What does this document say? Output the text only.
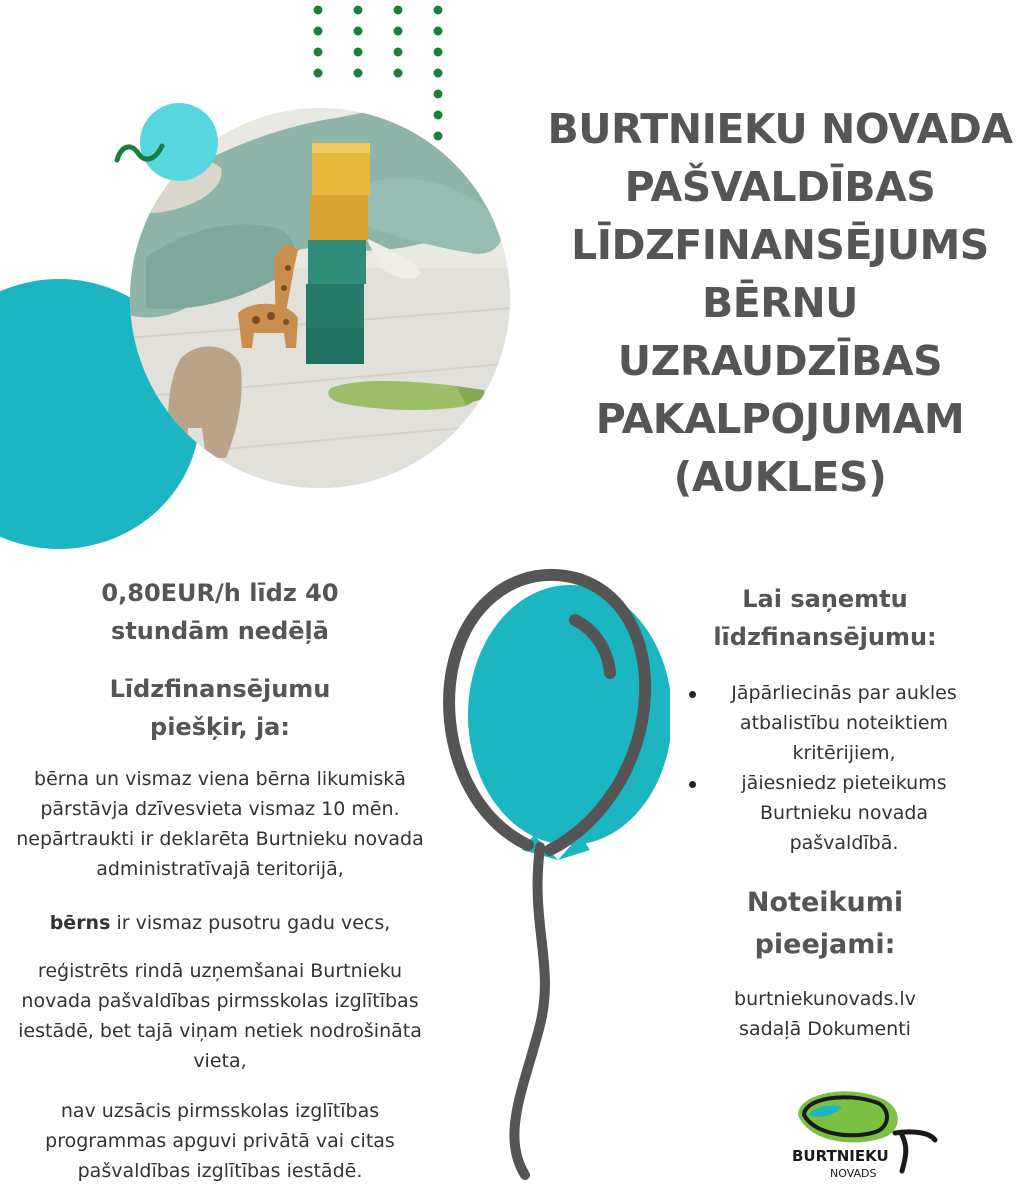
BURTNIEKU NOVADA PAŠVALDĪBAS LĪDZFINANSĒJUMS BĒRNU UZRAUDZĪBAS PAKALPOJUMAM (AUKLES)

0,80EUR/h līdz 40 stundām nedēļā

Līdzfinansējumu piešķir, ja:

bērna un vismaz viena bērna likumiskā pārstāvja dzīvesvieta vismaz 10 mēn. nepārtraukti ir deklarēta Burtnieku novada administratīvajā teritorijā,

bērns ir vismaz pusotru gadu vecs,

reģistrēts rindā uzņemšanai Burtnieku novada pašvaldības pirmsskolas izglītības iestādē, bet tajā viņam netiek nodrošināta vieta,

nav uzsācis pirmsskolas izglītības programmas apguvi privātā vai citas pašvaldības izglītības iestādē.

Lai saņemtu līdzfinansējumu:

Jāpārliecinās par aukles atbalistību noteiktiem kritērijiem,
jāiesniedz pieteikums Burtnieku novada pašvaldībā.

Noteikumi pieejami:

burtniekunovads.lv sadaļā Dokumenti

BURTNIEKU
NOVADS
